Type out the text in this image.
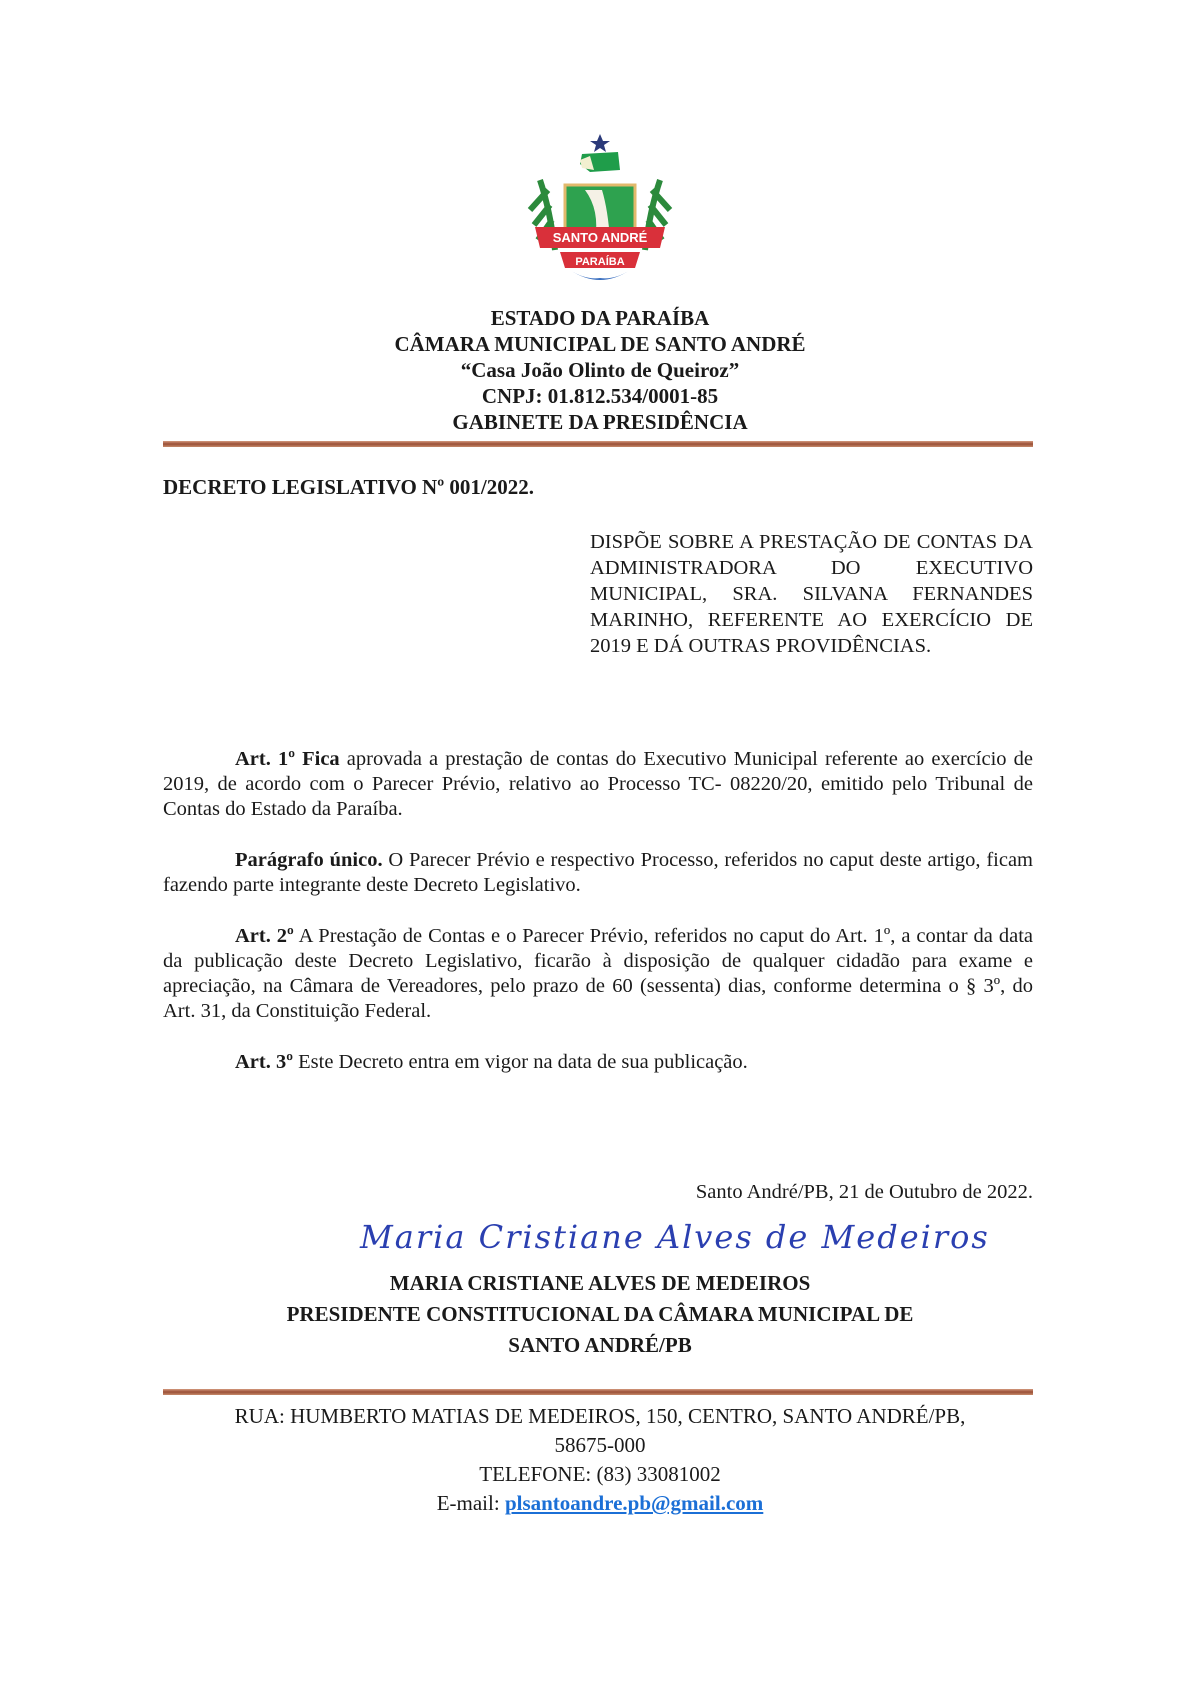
SANTO ANDRÉ
PARAÍBA
ESTADO DA PARAÍBA
CÂMARA MUNICIPAL DE SANTO ANDRÉ
“Casa João Olinto de Queiroz”
CNPJ: 01.812.534/0001-85
GABINETE DA PRESIDÊNCIA
DECRETO LEGISLATIVO Nº 001/2022.
DISPÕE SOBRE A PRESTAÇÃO DE CONTAS DA ADMINISTRADORA DO EXECUTIVO MUNICIPAL, SRA. SILVANA FERNANDES MARINHO, REFERENTE AO EXERCÍCIO DE 2019 E DÁ OUTRAS PROVIDÊNCIAS.

Art. 1º Fica aprovada a prestação de contas do Executivo Municipal referente ao exercício de 2019, de acordo com o Parecer Prévio, relativo ao Processo TC- 08220/20, emitido pelo Tribunal de Contas do Estado da Paraíba.

Parágrafo único. O Parecer Prévio e respectivo Processo, referidos no caput deste artigo, ficam fazendo parte integrante deste Decreto Legislativo.

Art. 2º A Prestação de Contas e o Parecer Prévio, referidos no caput do Art. 1º, a contar da data da publicação deste Decreto Legislativo, ficarão à disposição de qualquer cidadão para exame e apreciação, na Câmara de Vereadores, pelo prazo de 60 (sessenta) dias, conforme determina o § 3º, do Art. 31, da Constituição Federal.

Art. 3º Este Decreto entra em vigor na data de sua publicação.

Santo André/PB, 21 de Outubro de 2022.
Maria Cristiane Alves de Medeiros
MARIA CRISTIANE ALVES DE MEDEIROS
PRESIDENTE CONSTITUCIONAL DA CÂMARA MUNICIPAL DE
SANTO ANDRÉ/PB
RUA: HUMBERTO MATIAS DE MEDEIROS, 150, CENTRO, SANTO ANDRÉ/PB,
58675-000
TELEFONE: (83) 33081002
E-mail: plsantoandre.pb@gmail.com
